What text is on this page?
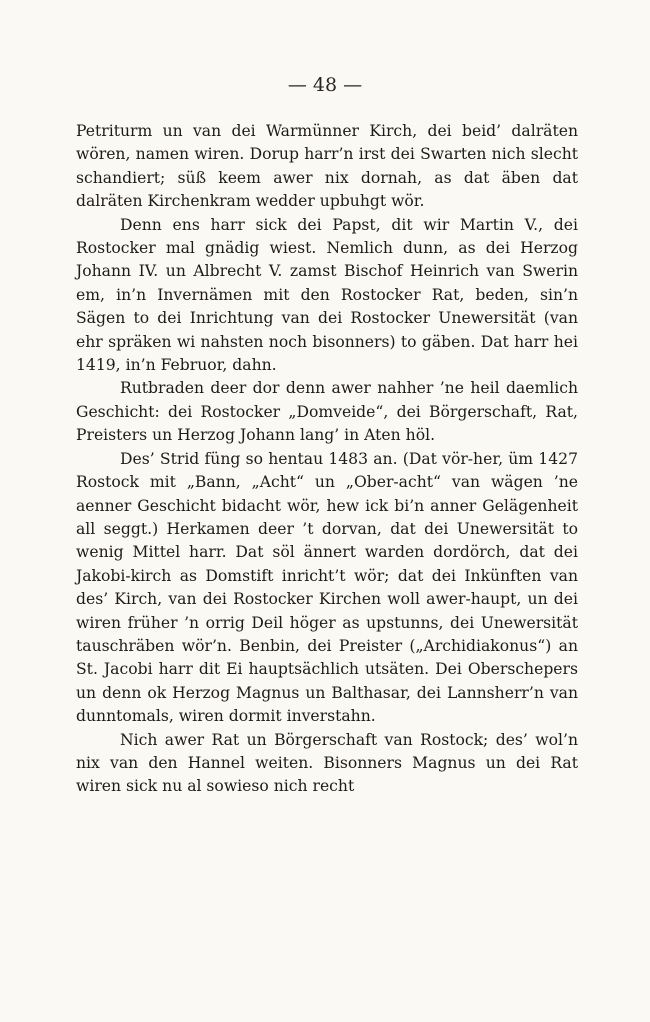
— 48 —

Petriturm un van dei Warmünner Kirch, dei beid’ dalräten wören, namen wiren. Dorup harr’n irst dei Swarten nich slecht schandiert; süß keem awer nix dornah, as dat äben dat dalräten Kirchenkram wedder upbuhgt wör.

Denn ens harr sick dei Papst, dit wir Martin V., dei Rostocker mal gnädig wiest. Nemlich dunn, as dei Herzog Johann IV. un Albrecht V. zamst Bischof Heinrich van Swerin em, in’n Invernämen mit den Rostocker Rat, beden, sin’n Sägen to dei Inrichtung van dei Rostocker Unewersität (van ehr spräken wi nahsten noch bisonners) to gäben. Dat harr hei 1419, in’n Februor, dahn.

Rutbraden deer dor denn awer nahher ’ne heil daemlich Geschicht: dei Rostocker „Domveide“, dei Börgerschaft, Rat, Preisters un Herzog Johann lang’ in Aten höl.

Des’ Strid füng so hentau 1483 an. (Dat vör-her, üm 1427 Rostock mit „Bann, „Acht“ un „Ober-acht“ van wägen ’ne aenner Geschicht bidacht wör, hew ick bi’n anner Gelägenheit all seggt.) Herkamen deer ’t dorvan, dat dei Unewersität to wenig Mittel harr. Dat söl ännert warden dordörch, dat dei Jakobi-kirch as Domstift inricht’t wör; dat dei Inkünften van des’ Kirch, van dei Rostocker Kirchen woll awer-haupt, un dei wiren früher ’n orrig Deil höger as upstunns, dei Unewersität tauschräben wör’n. Benbin, dei Preister („Archidiakonus“) an St. Jacobi harr dit Ei hauptsächlich utsäten. Dei Oberschepers un denn ok Herzog Magnus un Balthasar, dei Lannsherr’n van dunntomals, wiren dormit inverstahn.

Nich awer Rat un Börgerschaft van Rostock; des’ wol’n nix van den Hannel weiten. Bisonners Magnus un dei Rat wiren sick nu al sowieso nich recht
